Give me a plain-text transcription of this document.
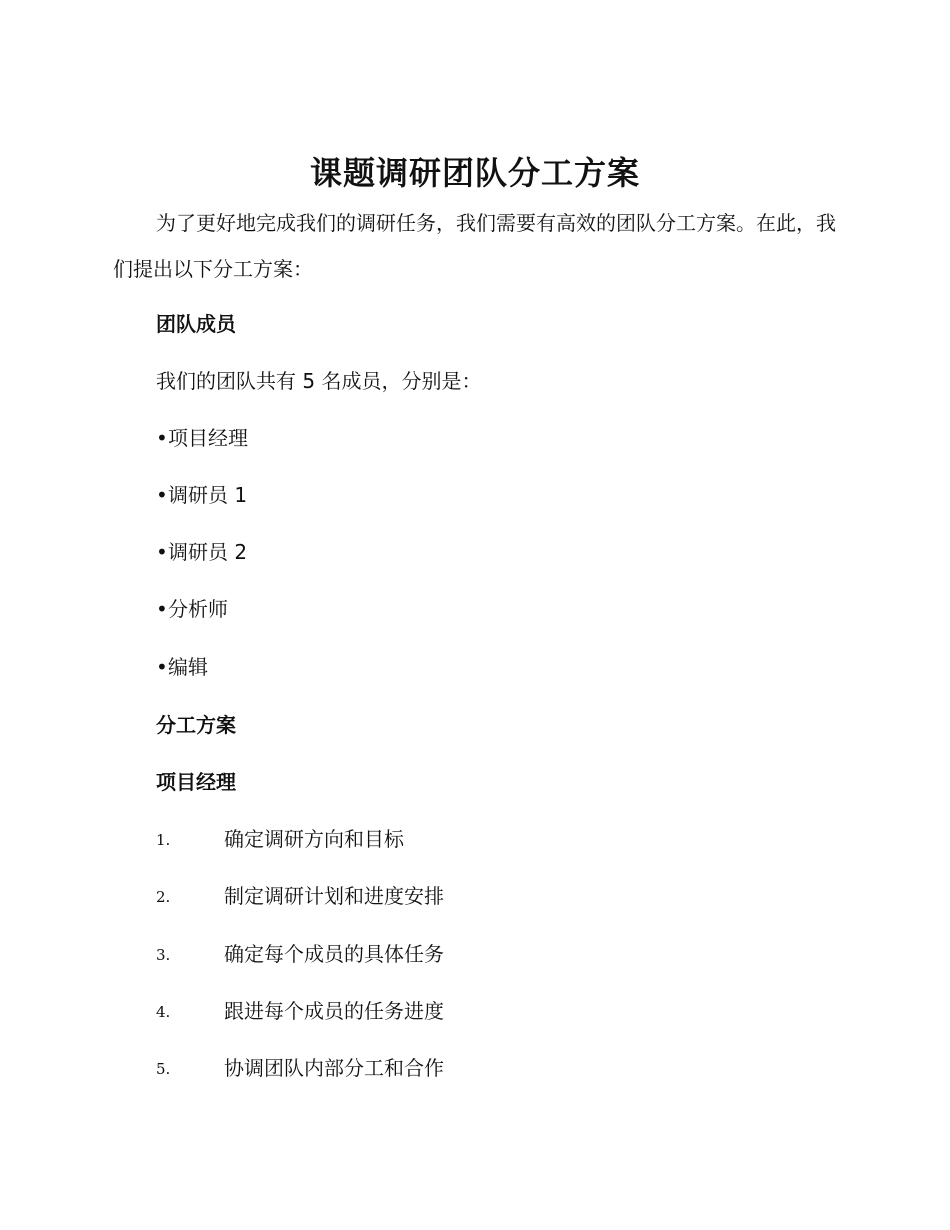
课题调研团队分工方案

为了更好地完成我们的调研任务，我们需要有高效的团队分工方案。在此，我们提出以下分工方案：

团队成员
我们的团队共有 5 名成员，分别是：
•项目经理
•调研员 1
•调研员 2
•分析师
•编辑
分工方案
项目经理
1.	确定调研方向和目标
2.	制定调研计划和进度安排
3.	确定每个成员的具体任务
4.	跟进每个成员的任务进度
5.	协调团队内部分工和合作
